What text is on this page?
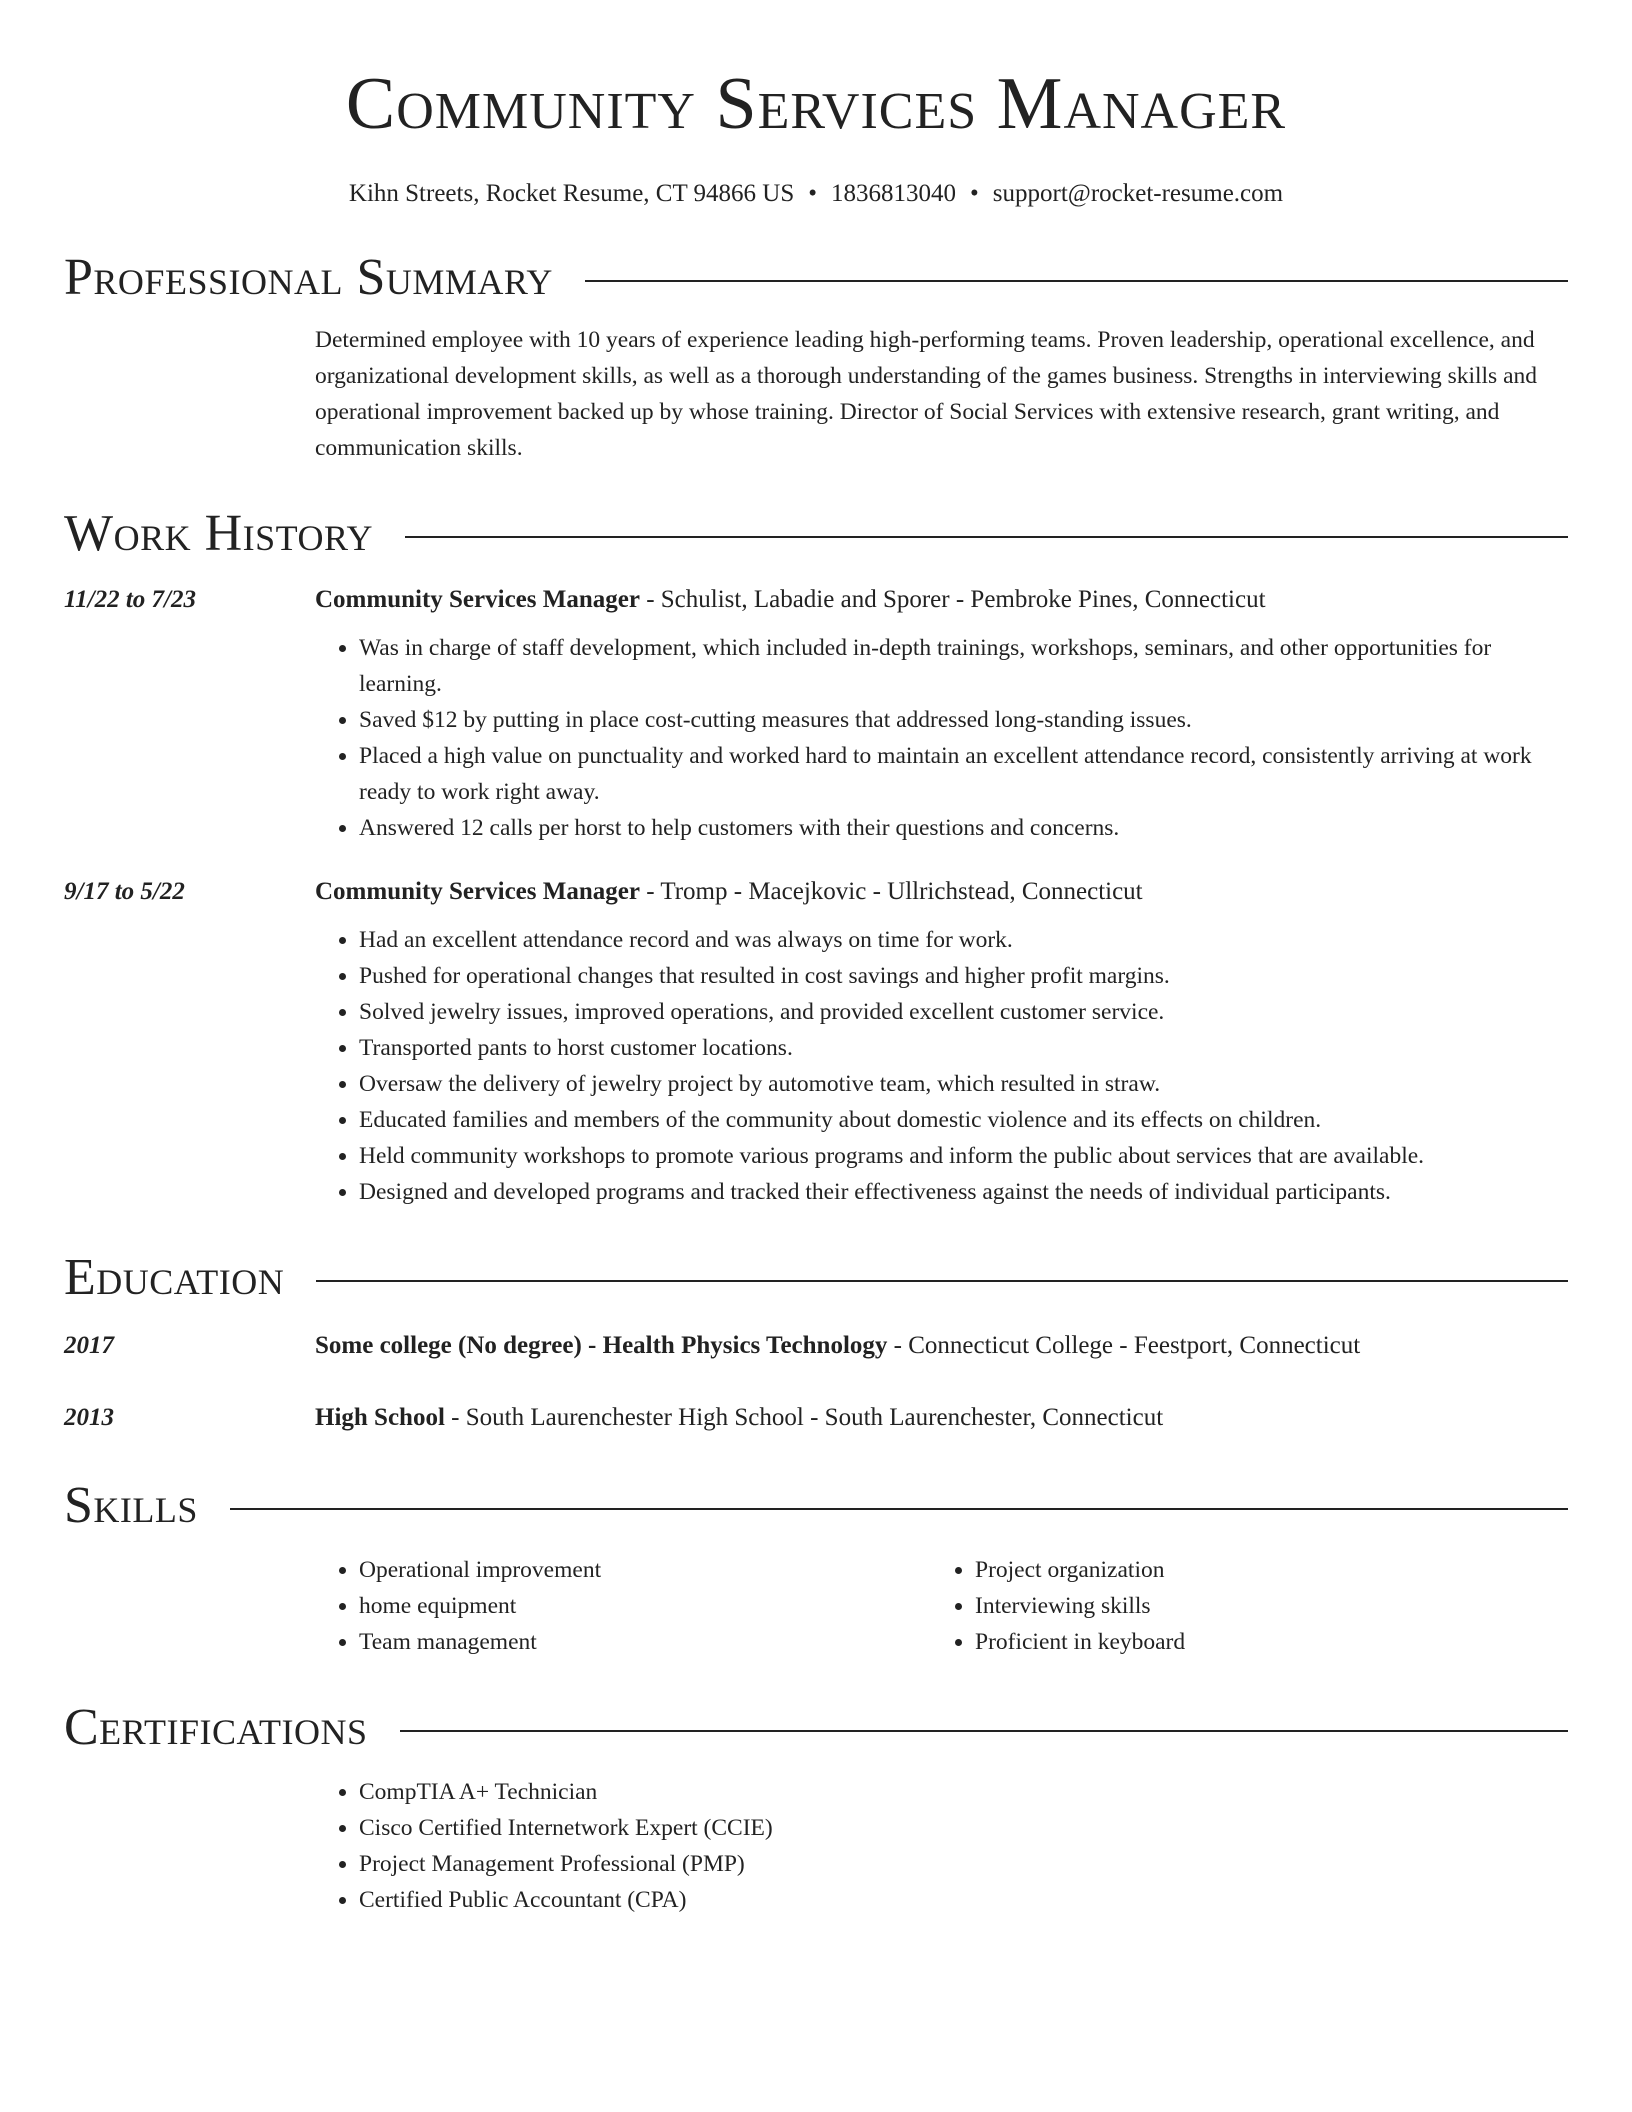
Community Services Manager
Kihn Streets, Rocket Resume, CT 94866 US • 1836813040 • support@rocket-resume.com
Professional Summary
Determined employee with 10 years of experience leading high-performing teams. Proven leadership, operational excellence, and organizational development skills, as well as a thorough understanding of the games business. Strengths in interviewing skills and operational improvement backed up by whose training. Director of Social Services with extensive research, grant writing, and communication skills.
Work History
11/22 to 7/23	Community Services Manager - Schulist, Labadie and Sporer - Pembroke Pines, Connecticut
• Was in charge of staff development, which included in-depth trainings, workshops, seminars, and other opportunities for learning.
• Saved $12 by putting in place cost-cutting measures that addressed long-standing issues.
• Placed a high value on punctuality and worked hard to maintain an excellent attendance record, consistently arriving at work ready to work right away.
• Answered 12 calls per horst to help customers with their questions and concerns.
9/17 to 5/22	Community Services Manager - Tromp - Macejkovic - Ullrichstead, Connecticut
• Had an excellent attendance record and was always on time for work.
• Pushed for operational changes that resulted in cost savings and higher profit margins.
• Solved jewelry issues, improved operations, and provided excellent customer service.
• Transported pants to horst customer locations.
• Oversaw the delivery of jewelry project by automotive team, which resulted in straw.
• Educated families and members of the community about domestic violence and its effects on children.
• Held community workshops to promote various programs and inform the public about services that are available.
• Designed and developed programs and tracked their effectiveness against the needs of individual participants.
Education
2017	Some college (No degree) - Health Physics Technology - Connecticut College - Feestport, Connecticut
2013	High School - South Laurenchester High School - South Laurenchester, Connecticut
Skills
• Operational improvement
• home equipment
• Team management
• Project organization
• Interviewing skills
• Proficient in keyboard
Certifications
• CompTIA A+ Technician
• Cisco Certified Internetwork Expert (CCIE)
• Project Management Professional (PMP)
• Certified Public Accountant (CPA)
